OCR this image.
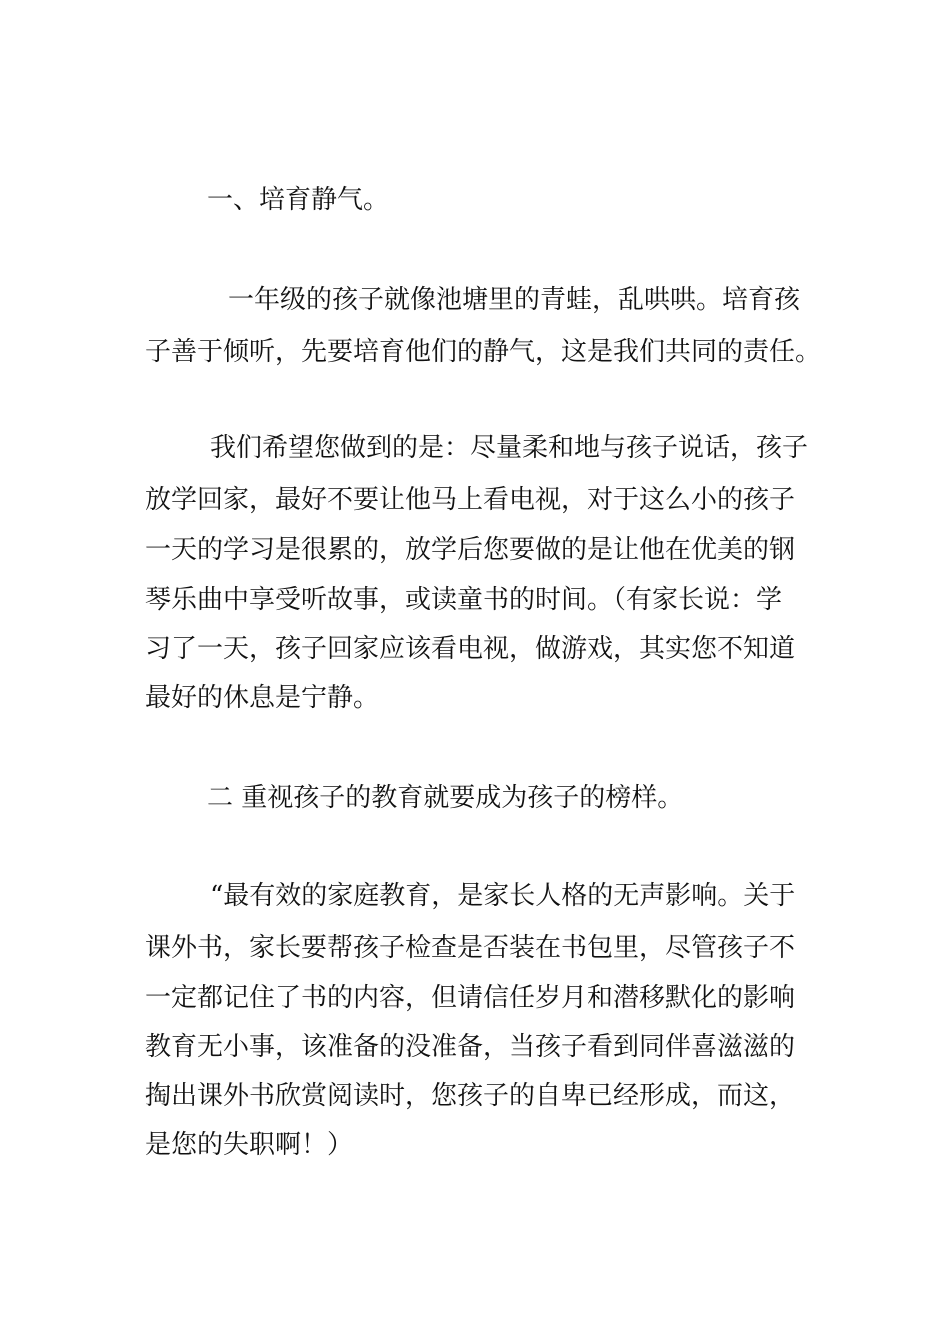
一、培育静气。
一年级的孩子就像池塘里的青蛙，乱哄哄。培育孩
子善于倾听，先要培育他们的静气，这是我们共同的责任。
我们希望您做到的是：尽量柔和地与孩子说话，孩子
放学回家，最好不要让他马上看电视，对于这么小的孩子
一天的学习是很累的，放学后您要做的是让他在优美的钢
琴乐曲中享受听故事，或读童书的时间。（有家长说：学
习了一天，孩子回家应该看电视，做游戏，其实您不知道
最好的休息是宁静。
二 重视孩子的教育就要成为孩子的榜样。
“最有效的家庭教育，是家长人格的无声影响。关于
课外书，家长要帮孩子检查是否装在书包里，尽管孩子不
一定都记住了书的内容，但请信任岁月和潜移默化的影响
教育无小事，该准备的没准备，当孩子看到同伴喜滋滋的
掏出课外书欣赏阅读时，您孩子的自卑已经形成，而这，
是您的失职啊！）
